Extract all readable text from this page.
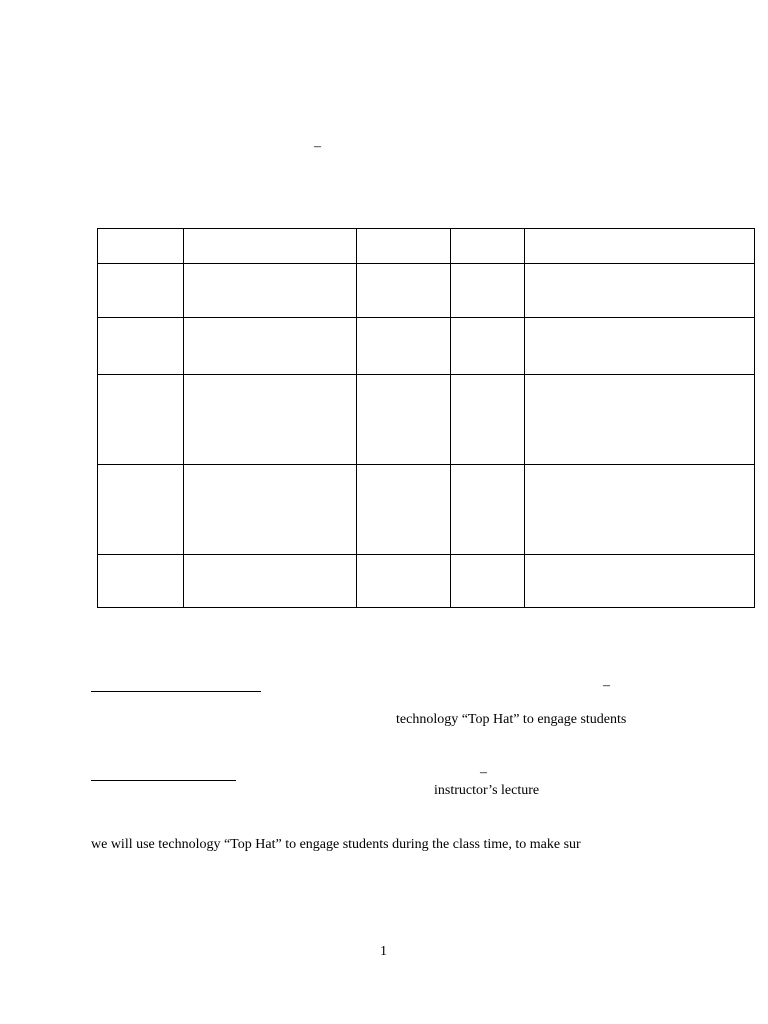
–

–
technology “Top Hat” to engage students
–
instructor’s lecture
we will use technology “Top Hat” to engage students during the class time, to make sur
1
